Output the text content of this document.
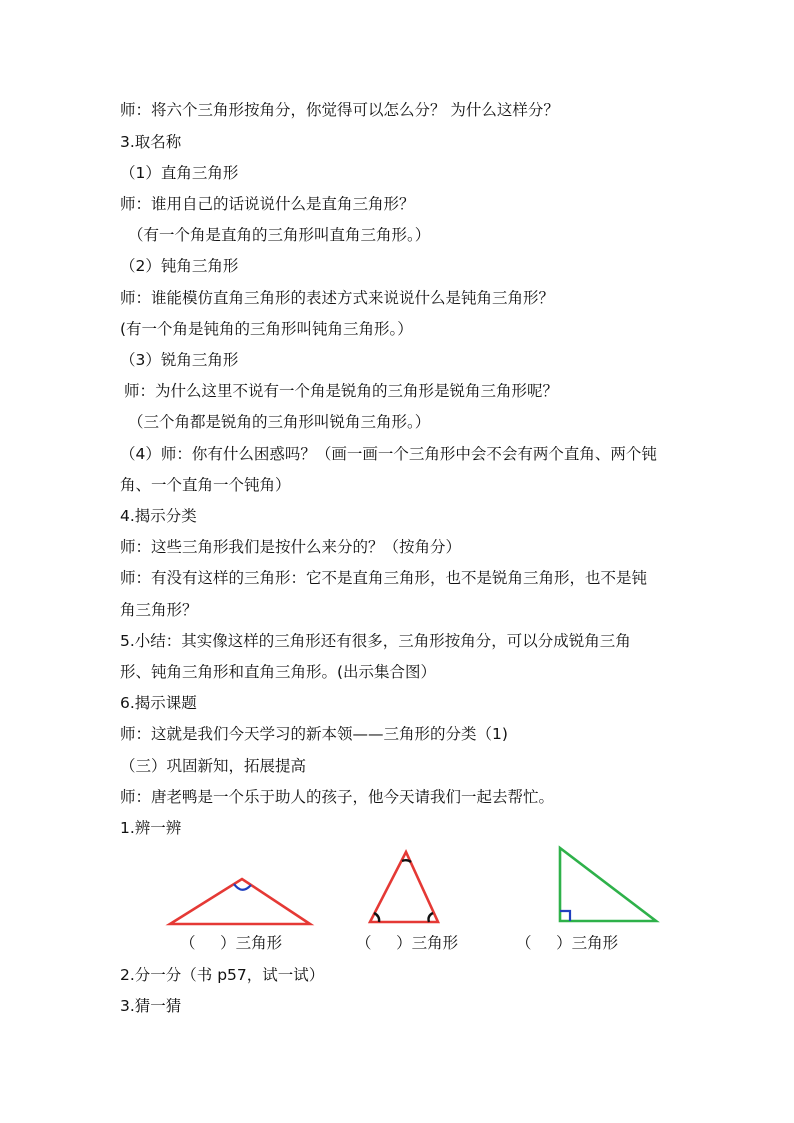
师：将六个三角形按角分，你觉得可以怎么分？ 为什么这样分？
3.取名称
（1）直角三角形
师：谁用自己的话说说什么是直角三角形？
（有一个角是直角的三角形叫直角三角形。）
（2）钝角三角形
师：谁能模仿直角三角形的表述方式来说说什么是钝角三角形？
(有一个角是钝角的三角形叫钝角三角形。）
（3）锐角三角形
师：为什么这里不说有一个角是锐角的三角形是锐角三角形呢？
（三个角都是锐角的三角形叫锐角三角形。）
（4）师：你有什么困惑吗？（画一画一个三角形中会不会有两个直角、两个钝
角、一个直角一个钝角）
4.揭示分类
师：这些三角形我们是按什么来分的？（按角分）
师：有没有这样的三角形：它不是直角三角形，也不是锐角三角形，也不是钝
角三角形？
5.小结：其实像这样的三角形还有很多，三角形按角分，可以分成锐角三角
形、钝角三角形和直角三角形。(出示集合图）
6.揭示课题
师：这就是我们今天学习的新本领——三角形的分类（1)
（三）巩固新知，拓展提高
师：唐老鸭是一个乐于助人的孩子，他今天请我们一起去帮忙。
1.辨一辨
（     ）三角形	（     ）三角形	（     ）三角形
2.分一分（书 p57，试一试）
3.猜一猜
